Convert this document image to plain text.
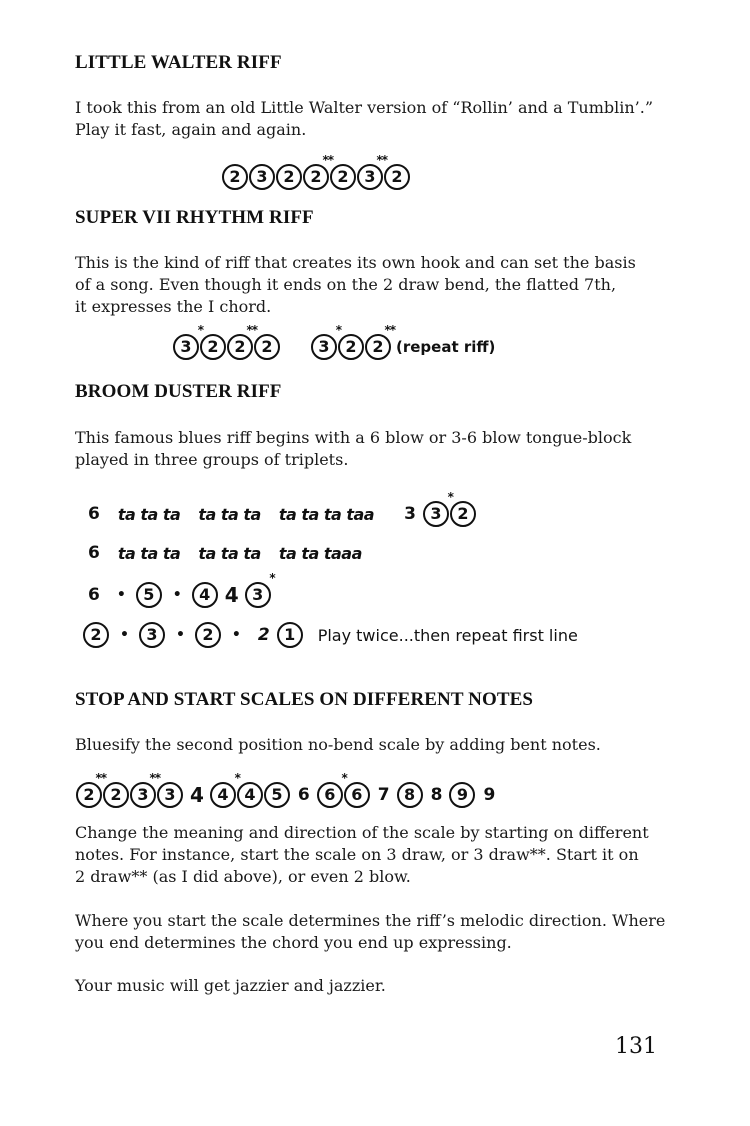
LITTLE WALTER RIFF

I took this from an old Little Walter version of “Rollin’ and a Tumblin’.”
Play it fast, again and again.

2 3 2 2
**
2 3
**
2
SUPER VII RHYTHM RIFF

This is the kind of riff that creates its own hook and can set the basis
of a song. Even though it ends on the 2 draw bend, the flatted 7th,
it expresses the I chord.

3
*
2 2
**
2	3
*
2 2
**
(repeat riff)
BROOM DUSTER RIFF

This famous blues riff begins with a 6 blow or 3-6 blow tongue-block
played in three groups of triplets.

6 ta ta ta ta ta ta ta ta ta taa 3 3
*
2
6 ta ta ta ta ta ta ta ta taaa
6 • 5 • 4 4 3
*
2 • 3 • 2 • 2 1 Play twice...then repeat first line
STOP AND START SCALES ON DIFFERENT NOTES

Bluesify the second position no-bend scale by adding bent notes.

2
**
2 3
**
3 4 4
*
4 5 6 6
*
6 7 8 8 9 9

Change the meaning and direction of the scale by starting on different
notes. For instance, start the scale on 3 draw, or 3 draw**. Start it on
2 draw** (as I did above), or even 2 blow.

Where you start the scale determines the riff’s melodic direction. Where
you end determines the chord you end up expressing.

Your music will get jazzier and jazzier.

131
